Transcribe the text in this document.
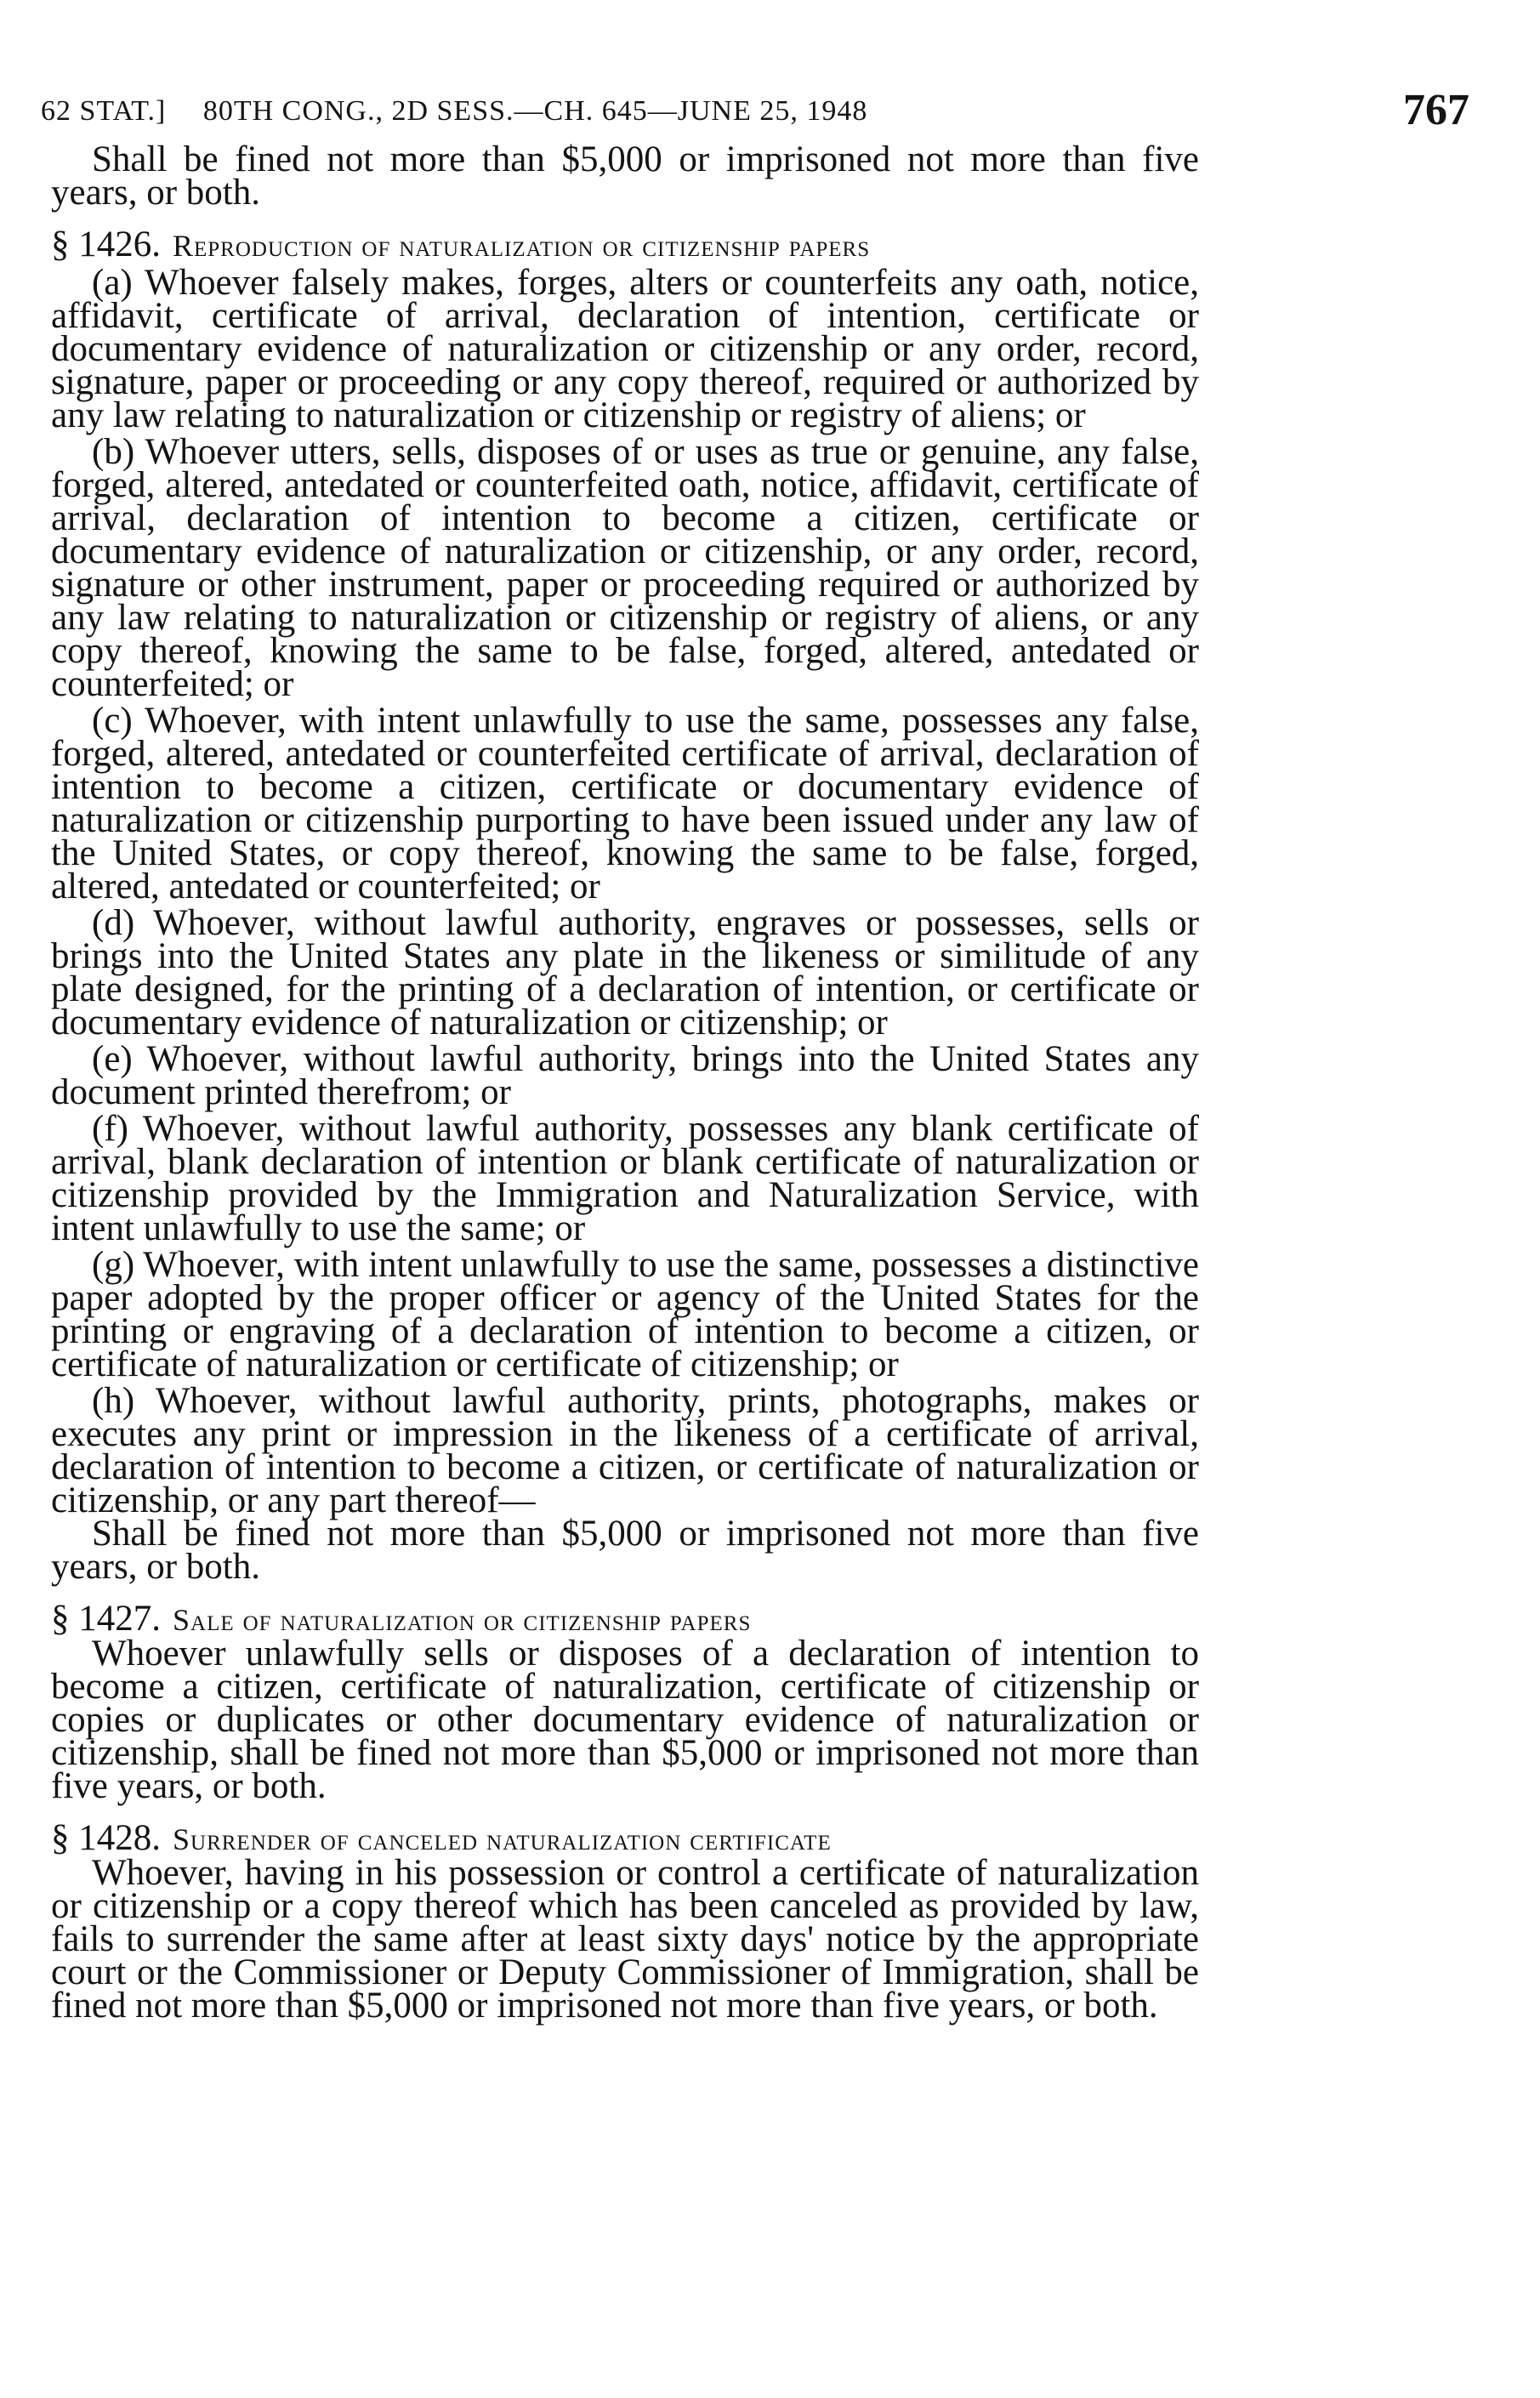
62 STAT.] 80TH CONG., 2D SESS.—CH. 645—JUNE 25, 1948	767

Shall be fined not more than $5,000 or imprisoned not more than five years, or both.

§ 1426. Reproduction of naturalization or citizenship papers

(a) Whoever falsely makes, forges, alters or counterfeits any oath, notice, affidavit, certificate of arrival, declaration of intention, certificate or documentary evidence of naturalization or citizenship or any order, record, signature, paper or proceeding or any copy thereof, required or authorized by any law relating to naturalization or citizenship or registry of aliens; or

(b) Whoever utters, sells, disposes of or uses as true or genuine, any false, forged, altered, antedated or counterfeited oath, notice, affidavit, certificate of arrival, declaration of intention to become a citizen, certificate or documentary evidence of naturalization or citizenship, or any order, record, signature or other instrument, paper or proceeding required or authorized by any law relating to naturalization or citizenship or registry of aliens, or any copy thereof, knowing the same to be false, forged, altered, antedated or counterfeited; or

(c) Whoever, with intent unlawfully to use the same, possesses any false, forged, altered, antedated or counterfeited certificate of arrival, declaration of intention to become a citizen, certificate or documentary evidence of naturalization or citizenship purporting to have been issued under any law of the United States, or copy thereof, knowing the same to be false, forged, altered, antedated or counterfeited; or

(d) Whoever, without lawful authority, engraves or possesses, sells or brings into the United States any plate in the likeness or similitude of any plate designed, for the printing of a declaration of intention, or certificate or documentary evidence of naturalization or citizenship; or

(e) Whoever, without lawful authority, brings into the United States any document printed therefrom; or

(f) Whoever, without lawful authority, possesses any blank certificate of arrival, blank declaration of intention or blank certificate of naturalization or citizenship provided by the Immigration and Naturalization Service, with intent unlawfully to use the same; or

(g) Whoever, with intent unlawfully to use the same, possesses a distinctive paper adopted by the proper officer or agency of the United States for the printing or engraving of a declaration of intention to become a citizen, or certificate of naturalization or certificate of citizenship; or

(h) Whoever, without lawful authority, prints, photographs, makes or executes any print or impression in the likeness of a certificate of arrival, declaration of intention to become a citizen, or certificate of naturalization or citizenship, or any part thereof—

Shall be fined not more than $5,000 or imprisoned not more than five years, or both.

§ 1427. Sale of naturalization or citizenship papers

Whoever unlawfully sells or disposes of a declaration of intention to become a citizen, certificate of naturalization, certificate of citizenship or copies or duplicates or other documentary evidence of naturalization or citizenship, shall be fined not more than $5,000 or imprisoned not more than five years, or both.

§ 1428. Surrender of canceled naturalization certificate

Whoever, having in his possession or control a certificate of naturalization or citizenship or a copy thereof which has been canceled as provided by law, fails to surrender the same after at least sixty days' notice by the appropriate court or the Commissioner or Deputy Commissioner of Immigration, shall be fined not more than $5,000 or imprisoned not more than five years, or both.
